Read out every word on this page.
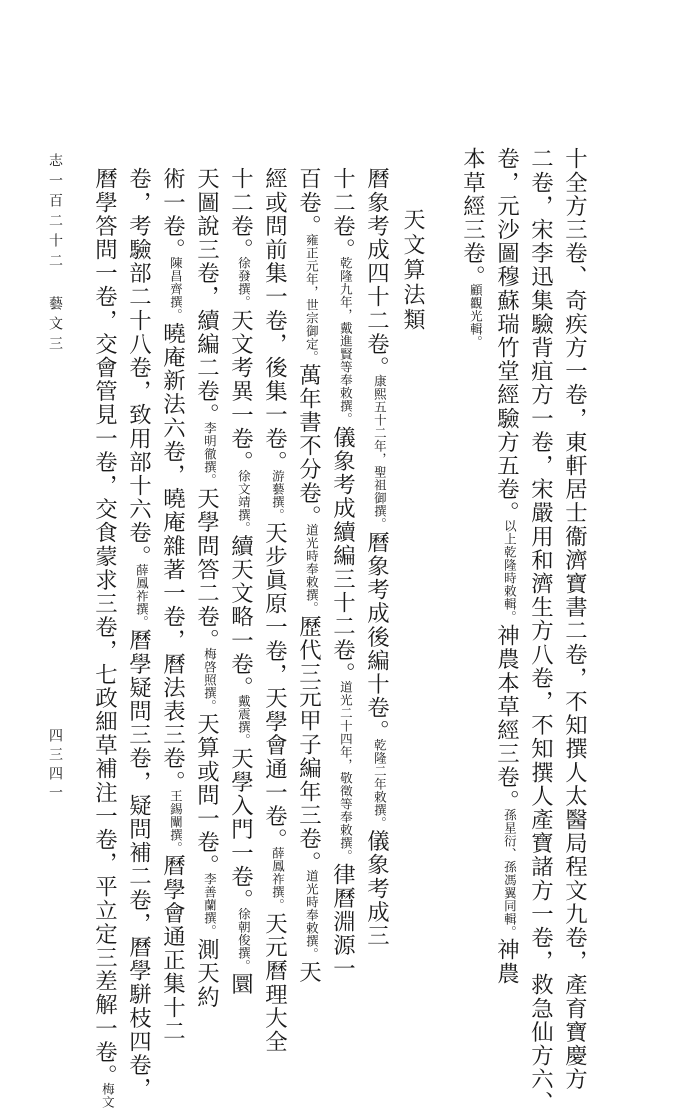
十全方三卷、奇疾方一卷，東軒居士衞濟寶書二卷，不知撰人太醫局程文九卷，產育寶慶方
二卷，宋李迅集驗背疽方一卷，宋嚴用和濟生方八卷，不知撰人產寶諸方一卷，救急仙方六、
卷，元沙圖穆蘇瑞竹堂經驗方五卷。以上乾隆時敕輯。神農本草經三卷。孫星衍、孫馮翼同輯。神農
本草經三卷。顧觀光輯。
天文算法類
曆象考成四十二卷。康熙五十二年，聖祖御撰。曆象考成後編十卷。乾隆二年敕撰。儀象考成三
十二卷。乾隆九年，戴進賢等奉敕撰。儀象考成續編三十二卷。道光二十四年，敬徵等奉敕撰。律曆淵源一
百卷。雍正元年，世宗御定。萬年書不分卷。道光時奉敕撰。歷代三元甲子編年三卷。道光時奉敕撰。天
經或問前集一卷，後集一卷。游藝撰。天步眞原一卷，天學會通一卷。薛鳳祚撰。天元曆理大全
十二卷。徐發撰。天文考異一卷。徐文靖撰。續天文略一卷。戴震撰。天學入門一卷。徐朝俊撰。圜
天圖說三卷，續編二卷。李明徹撰。天學問答二卷。梅啓照撰。天算或問一卷。李善蘭撰。測天約
術一卷。陳昌齊撰。曉庵新法六卷，曉庵雜著一卷，曆法表三卷。王錫闡撰。曆學會通正集十二
卷，考驗部二十八卷，致用部十六卷。薛鳳祚撰。曆學疑問三卷，疑問補二卷，曆學駢枝四卷，
曆學答問一卷，交會管見一卷，交食蒙求三卷，七政細草補注一卷，平立定三差解一卷。梅文
志一百二十二
藝文三
四三四一
